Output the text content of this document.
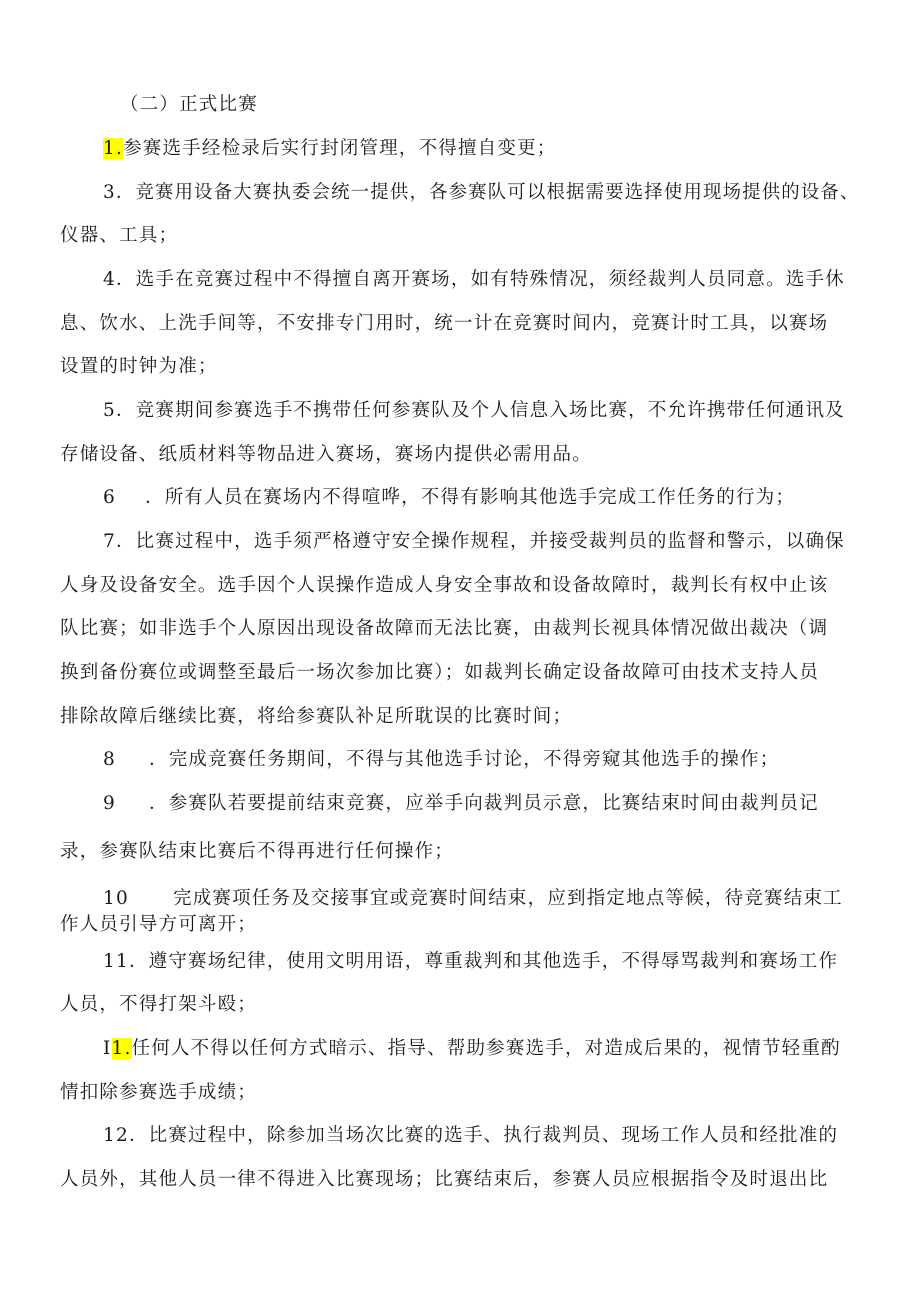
（二）正式比赛
1.参赛选手经检录后实行封闭管理，不得擅自变更；
3．竞赛用设备大赛执委会统一提供，各参赛队可以根据需要选择使用现场提供的设备、
仪器、工具；
4．选手在竞赛过程中不得擅自离开赛场，如有特殊情况，须经裁判人员同意。选手休
息、饮水、上洗手间等，不安排专门用时，统一计在竞赛时间内，竞赛计时工具，以赛场
设置的时钟为准；
5．竞赛期间参赛选手不携带任何参赛队及个人信息入场比赛，不允许携带任何通讯及
存储设备、纸质材料等物品进入赛场，赛场内提供必需用品。
6 ．所有人员在赛场内不得喧哗，不得有影响其他选手完成工作任务的行为；
7．比赛过程中，选手须严格遵守安全操作规程，并接受裁判员的监督和警示，以确保
人身及设备安全。选手因个人误操作造成人身安全事故和设备故障时，裁判长有权中止该
队比赛；如非选手个人原因出现设备故障而无法比赛，由裁判长视具体情况做出裁决（调
换到备份赛位或调整至最后一场次参加比赛）；如裁判长确定设备故障可由技术支持人员
排除故障后继续比赛，将给参赛队补足所耽误的比赛时间；
8 ．完成竞赛任务期间，不得与其他选手讨论，不得旁窥其他选手的操作；
9 ．参赛队若要提前结束竞赛，应举手向裁判员示意，比赛结束时间由裁判员记
录，参赛队结束比赛后不得再进行任何操作；
10 完成赛项任务及交接事宜或竞赛时间结束，应到指定地点等候，待竞赛结束工
作人员引导方可离开；
11．遵守赛场纪律，使用文明用语，尊重裁判和其他选手，不得辱骂裁判和赛场工作
人员，不得打架斗殴；
I1.任何人不得以任何方式暗示、指导、帮助参赛选手，对造成后果的，视情节轻重酌
情扣除参赛选手成绩；
12．比赛过程中，除参加当场次比赛的选手、执行裁判员、现场工作人员和经批准的
人员外，其他人员一律不得进入比赛现场；比赛结束后，参赛人员应根据指令及时退出比
